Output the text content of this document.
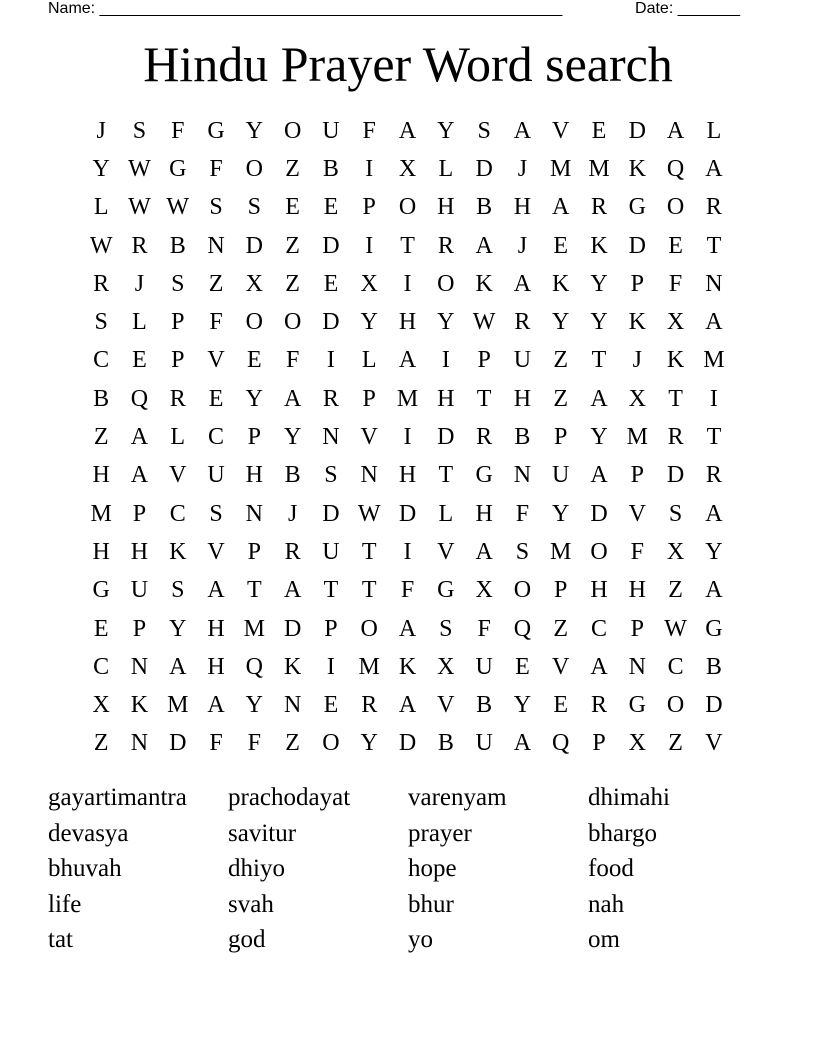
Name: ____________________________________________________	Date: _______
Hindu Prayer Word search
J	S	F G Y O U F A Y S A V E D A L
Y W G F O Z B	I	X L D	J M M K Q A
L W W S	S	E E	P O H B H A R G O R
W R B N D Z D	I	T R A	J	E K D E T
R	J	S	Z X Z E X	I	O K A K Y P	F N
S	L	P	F O O D Y H Y W R Y Y K X A
C E	P V E	F	I	L A	I	P U Z T	J	K M
B Q R E Y A R P M H T H Z A X T	I
Z A L C P Y N V	I	D R B P Y M R T
H A V U H B S N H T G N U A P D R
M P C S N	J	D W D L H F Y D V S A
H H K V P R U T	I	V A S M O F X Y
G U S A T A T T	F G X O P H H Z A
E	P Y H M D P O A S	F Q Z C P W G
C N A H Q K	I M K X U E V A N C B
X K M A Y N E R A V B Y E R G O D
Z N D F	F	Z O Y D B U A Q P X Z V
gayartimantra	prachodayat	varenyam	dhimahi
devasya	savitur	prayer	bhargo
bhuvah	dhiyo	hope	food
life	svah	bhur	nah
tat	god	yo	om
